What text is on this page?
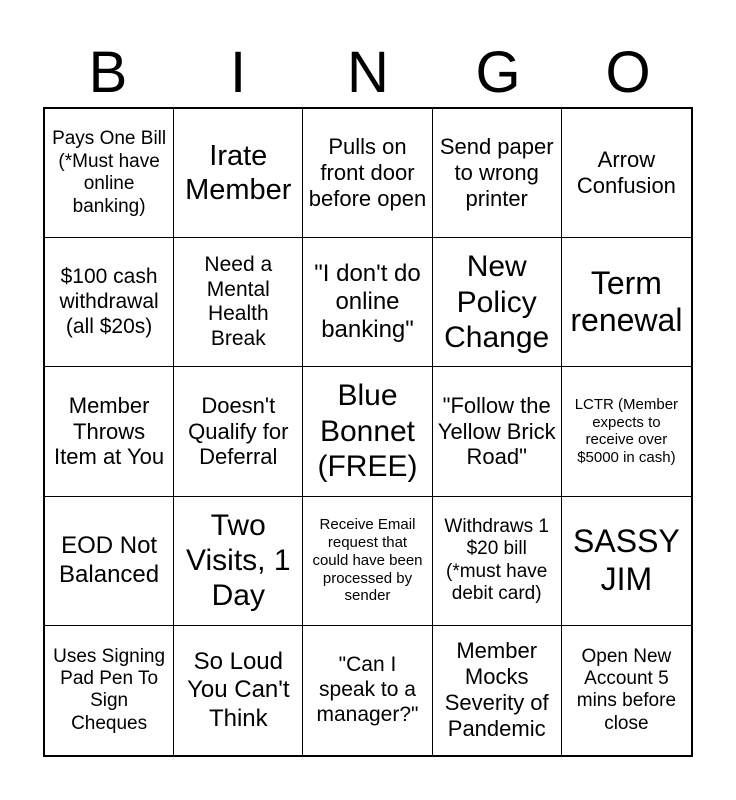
B	I	N	G	O
Pays One Bill (*Must have online banking)
Irate Member
Pulls on front door before open
Send paper to wrong printer
Arrow Confusion
$100 cash withdrawal (all $20s)
Need a Mental Health Break
"I don't do online banking"
New Policy Change
Term renewal
Member Throws Item at You
Doesn't Qualify for Deferral
Blue Bonnet (FREE)
"Follow the Yellow Brick Road"
LCTR (Member expects to receive over $5000 in cash)
EOD Not Balanced
Two Visits, 1 Day
Receive Email request that could have been processed by sender
Withdraws 1 $20 bill (*must have debit card)
SASSY JIM
Uses Signing Pad Pen To Sign Cheques
So Loud You Can't Think
"Can I speak to a manager?"
Member Mocks Severity of Pandemic
Open New Account 5 mins before close
